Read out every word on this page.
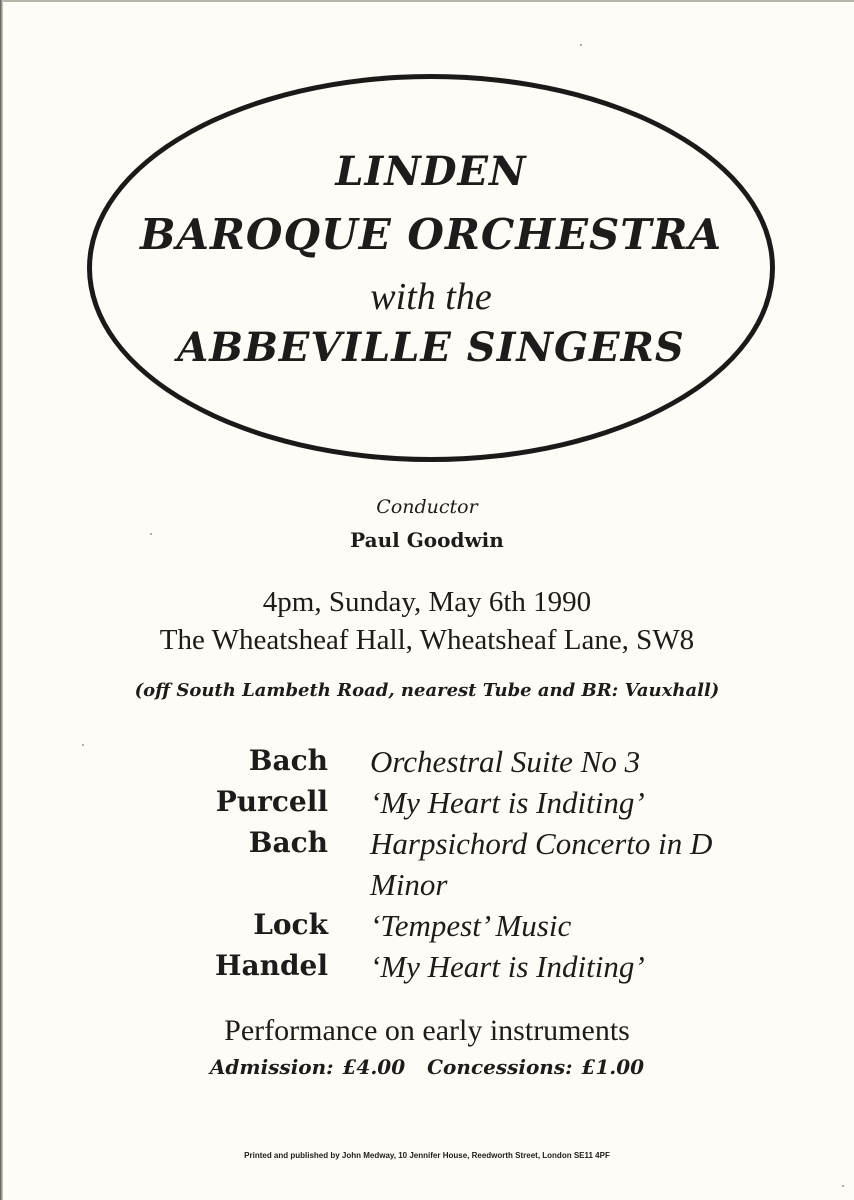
LINDEN
BAROQUE ORCHESTRA
with the
ABBEVILLE SINGERS
Conductor
Paul Goodwin
4pm, Sunday, May 6th 1990
The Wheatsheaf Hall, Wheatsheaf Lane, SW8
(off South Lambeth Road, nearest Tube and BR: Vauxhall)
Bach Orchestral Suite No 3
Purcell ‘My Heart is Inditing’
Bach Harpsichord Concerto in D Minor
Lock ‘Tempest’ Music
Handel ‘My Heart is Inditing’
Performance on early instruments
Admission: £4.00 Concessions: £1.00
Printed and published by John Medway, 10 Jennifer House, Reedworth Street, London SE11 4PF
